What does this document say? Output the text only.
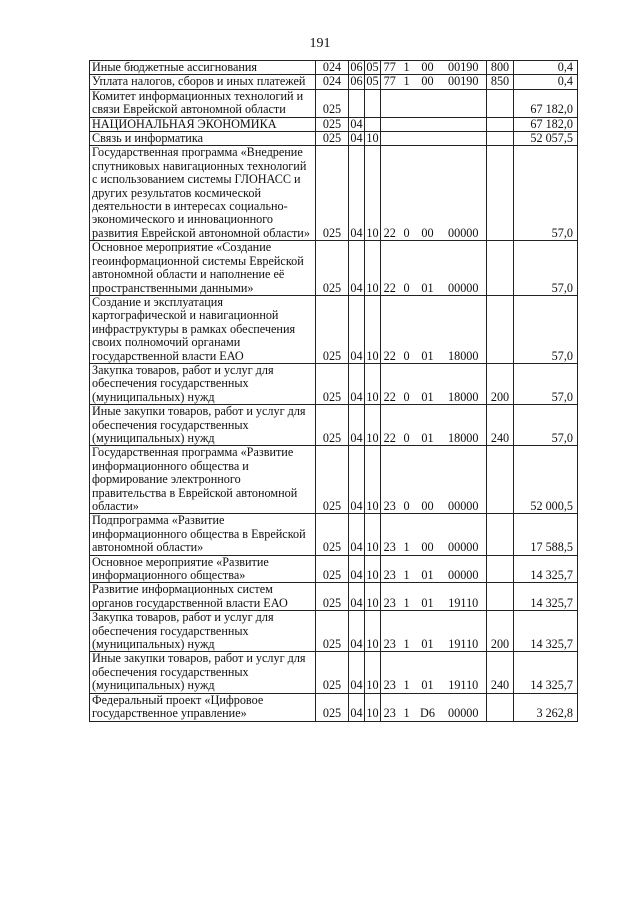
191
Иные бюджетные ассигнования	024	06	05	77	1	00	00190	800	0,4
Уплата налогов, сборов и иных платежей	024	06	05	77	1	00	00190	850	0,4
Комитет информационных технологий и связи Еврейской автономной области	025								67 182,0
НАЦИОНАЛЬНАЯ ЭКОНОМИКА	025	04							67 182,0
Связь и информатика	025	04	10						52 057,5
Государственная программа «Внедрение спутниковых навигационных технологий с использованием системы ГЛОНАСС и других результатов космической деятельности в интересах социально-экономического и инновационного развития Еврейской автономной области»	025	04	10	22	0	00	00000		57,0
Основное мероприятие «Создание геоинформационной системы Еврейской автономной области и наполнение её пространственными данными»	025	04	10	22	0	01	00000		57,0
Создание и эксплуатация картографической и навигационной инфраструктуры в рамках обеспечения своих полномочий органами государственной власти ЕАО	025	04	10	22	0	01	18000		57,0
Закупка товаров, работ и услуг для обеспечения государственных (муниципальных) нужд	025	04	10	22	0	01	18000	200	57,0
Иные закупки товаров, работ и услуг для обеспечения государственных (муниципальных) нужд	025	04	10	22	0	01	18000	240	57,0
Государственная программа «Развитие информационного общества и формирование электронного правительства в Еврейской автономной области»	025	04	10	23	0	00	00000		52 000,5
Подпрограмма «Развитие информационного общества в Еврейской автономной области»	025	04	10	23	1	00	00000		17 588,5
Основное мероприятие «Развитие информационного общества»	025	04	10	23	1	01	00000		14 325,7
Развитие информационных систем органов государственной власти ЕАО	025	04	10	23	1	01	19110		14 325,7
Закупка товаров, работ и услуг для обеспечения государственных (муниципальных) нужд	025	04	10	23	1	01	19110	200	14 325,7
Иные закупки товаров, работ и услуг для обеспечения государственных (муниципальных) нужд	025	04	10	23	1	01	19110	240	14 325,7
Федеральный проект «Цифровое государственное управление»	025	04	10	23	1	D6	00000		3 262,8
